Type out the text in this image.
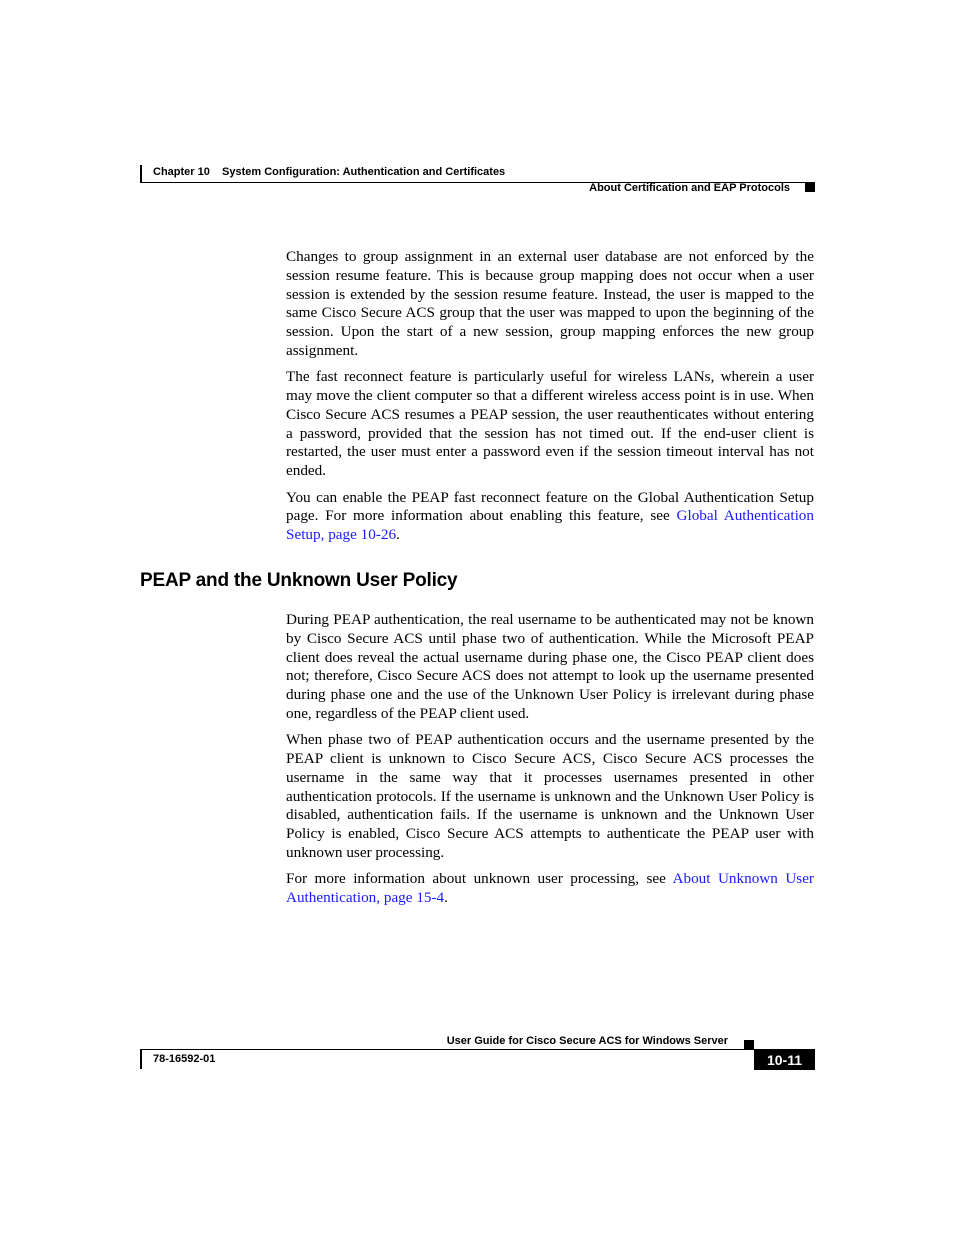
Chapter 10 System Configuration: Authentication and Certificates
About Certification and EAP Protocols

Changes to group assignment in an external user database are not enforced by the session resume feature. This is because group mapping does not occur when a user session is extended by the session resume feature. Instead, the user is mapped to the same Cisco Secure ACS group that the user was mapped to upon the beginning of the session. Upon the start of a new session, group mapping enforces the new group assignment.

The fast reconnect feature is particularly useful for wireless LANs, wherein a user may move the client computer so that a different wireless access point is in use. When Cisco Secure ACS resumes a PEAP session, the user reauthenticates without entering a password, provided that the session has not timed out. If the end-user client is restarted, the user must enter a password even if the session timeout interval has not ended.

You can enable the PEAP fast reconnect feature on the Global Authentication Setup page. For more information about enabling this feature, see Global Authentication Setup, page 10-26.

PEAP and the Unknown User Policy

During PEAP authentication, the real username to be authenticated may not be known by Cisco Secure ACS until phase two of authentication. While the Microsoft PEAP client does reveal the actual username during phase one, the Cisco PEAP client does not; therefore, Cisco Secure ACS does not attempt to look up the username presented during phase one and the use of the Unknown User Policy is irrelevant during phase one, regardless of the PEAP client used.

When phase two of PEAP authentication occurs and the username presented by the PEAP client is unknown to Cisco Secure ACS, Cisco Secure ACS processes the username in the same way that it processes usernames presented in other authentication protocols. If the username is unknown and the Unknown User Policy is disabled, authentication fails. If the username is unknown and the Unknown User Policy is enabled, Cisco Secure ACS attempts to authenticate the PEAP user with unknown user processing.

For more information about unknown user processing, see About Unknown User Authentication, page 15-4.

User Guide for Cisco Secure ACS for Windows Server
78-16592-01	10-11
